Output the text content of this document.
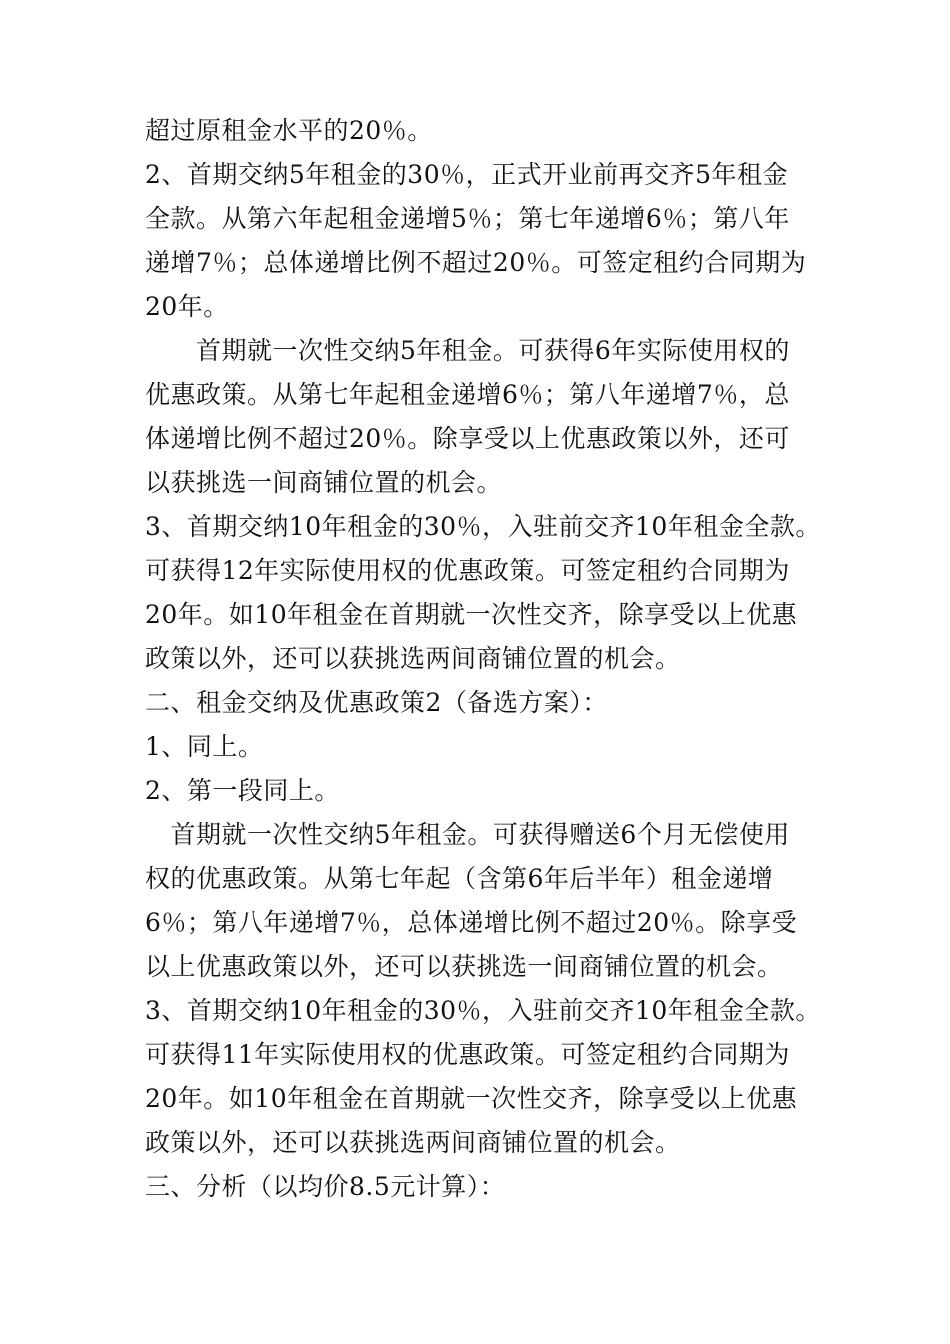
超过原租金水平的20％。
2、首期交纳5年租金的30％，正式开业前再交齐5年租金
全款。从第六年起租金递增5％；第七年递增6％；第八年
递增7％；总体递增比例不超过20％。可签定租约合同期为
20年。
　　首期就一次性交纳5年租金。可获得6年实际使用权的
优惠政策。从第七年起租金递增6％；第八年递增7％，总
体递增比例不超过20％。除享受以上优惠政策以外，还可
以获挑选一间商铺位置的机会。
3、首期交纳10年租金的30％，入驻前交齐10年租金全款。
可获得12年实际使用权的优惠政策。可签定租约合同期为
20年。如10年租金在首期就一次性交齐，除享受以上优惠
政策以外，还可以获挑选两间商铺位置的机会。
二、租金交纳及优惠政策2（备选方案）：
1、同上。
2、第一段同上。
　首期就一次性交纳5年租金。可获得赠送6个月无偿使用
权的优惠政策。从第七年起（含第6年后半年）租金递增
6％；第八年递增7％，总体递增比例不超过20％。除享受
以上优惠政策以外，还可以获挑选一间商铺位置的机会。
3、首期交纳10年租金的30％，入驻前交齐10年租金全款。
可获得11年实际使用权的优惠政策。可签定租约合同期为
20年。如10年租金在首期就一次性交齐，除享受以上优惠
政策以外，还可以获挑选两间商铺位置的机会。
三、分析（以均价8.5元计算）：
